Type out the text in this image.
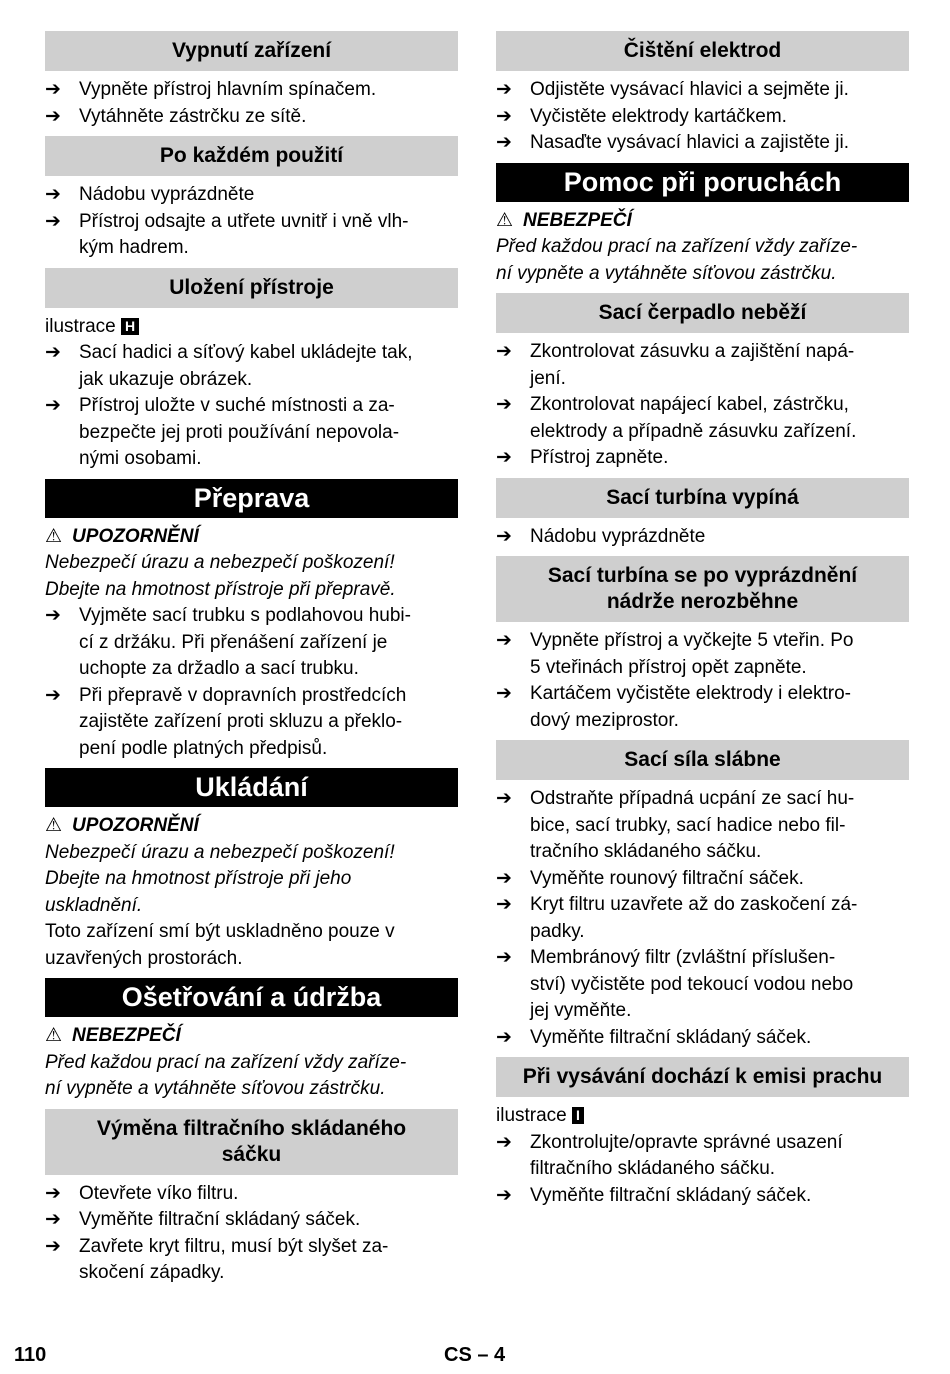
Vypnutí zařízení
➔ Vypněte přístroj hlavním spínačem.
➔ Vytáhněte zástrčku ze sítě.
Po každém použití
➔ Nádobu vyprázdněte
➔ Přístroj odsajte a utřete uvnitř i vně vlh-
kým hadrem.
Uložení přístroje
ilustrace H
➔ Sací hadici a síťový kabel ukládejte tak,
jak ukazuje obrázek.
➔ Přístroj uložte v suché místnosti a za-
bezpečte jej proti používání nepovola-
nými osobami.
Přeprava
⚠ UPOZORNĚNÍ
Nebezpečí úrazu a nebezpečí poškození!
Dbejte na hmotnost přístroje při přepravě.
➔ Vyjměte sací trubku s podlahovou hubi-
cí z držáku. Při přenášení zařízení je
uchopte za držadlo a sací trubku.
➔ Při přepravě v dopravních prostředcích
zajistěte zařízení proti skluzu a překlo-
pení podle platných předpisů.
Ukládání
⚠ UPOZORNĚNÍ
Nebezpečí úrazu a nebezpečí poškození!
Dbejte na hmotnost přístroje při jeho
uskladnění.
Toto zařízení smí být uskladněno pouze v
uzavřených prostorách.
Ošetřování a údržba
⚠ NEBEZPEČÍ
Před každou prací na zařízení vždy zaříze-
ní vypněte a vytáhněte síťovou zástrčku.
Výměna filtračního skládaného
sáčku
➔ Otevřete víko filtru.
➔ Vyměňte filtrační skládaný sáček.
➔ Zavřete kryt filtru, musí být slyšet za-
skočení západky.
Čištění elektrod
➔ Odjistěte vysávací hlavici a sejměte ji.
➔ Vyčistěte elektrody kartáčkem.
➔ Nasaďte vysávací hlavici a zajistěte ji.
Pomoc při poruchách
⚠ NEBEZPEČÍ
Před každou prací na zařízení vždy zaříze-
ní vypněte a vytáhněte síťovou zástrčku.
Sací čerpadlo neběží
➔ Zkontrolovat zásuvku a zajištění napá-
jení.
➔ Zkontrolovat napájecí kabel, zástrčku,
elektrody a případně zásuvku zařízení.
➔ Přístroj zapněte.
Sací turbína vypíná
➔ Nádobu vyprázdněte
Sací turbína se po vyprázdnění
nádrže nerozběhne
➔ Vypněte přístroj a vyčkejte 5 vteřin. Po
5 vteřinách přístroj opět zapněte.
➔ Kartáčem vyčistěte elektrody i elektro-
dový meziprostor.
Sací síla slábne
➔ Odstraňte případná ucpání ze sací hu-
bice, sací trubky, sací hadice nebo fil-
tračního skládaného sáčku.
➔ Vyměňte rounový filtrační sáček.
➔ Kryt filtru uzavřete až do zaskočení zá-
padky.
➔ Membránový filtr (zvláštní příslušen-
ství) vyčistěte pod tekoucí vodou nebo
jej vyměňte.
➔ Vyměňte filtrační skládaný sáček.
Při vysávání dochází k emisi prachu
ilustrace I
➔ Zkontrolujte/opravte správné usazení
filtračního skládaného sáčku.
➔ Vyměňte filtrační skládaný sáček.
110	CS – 4
